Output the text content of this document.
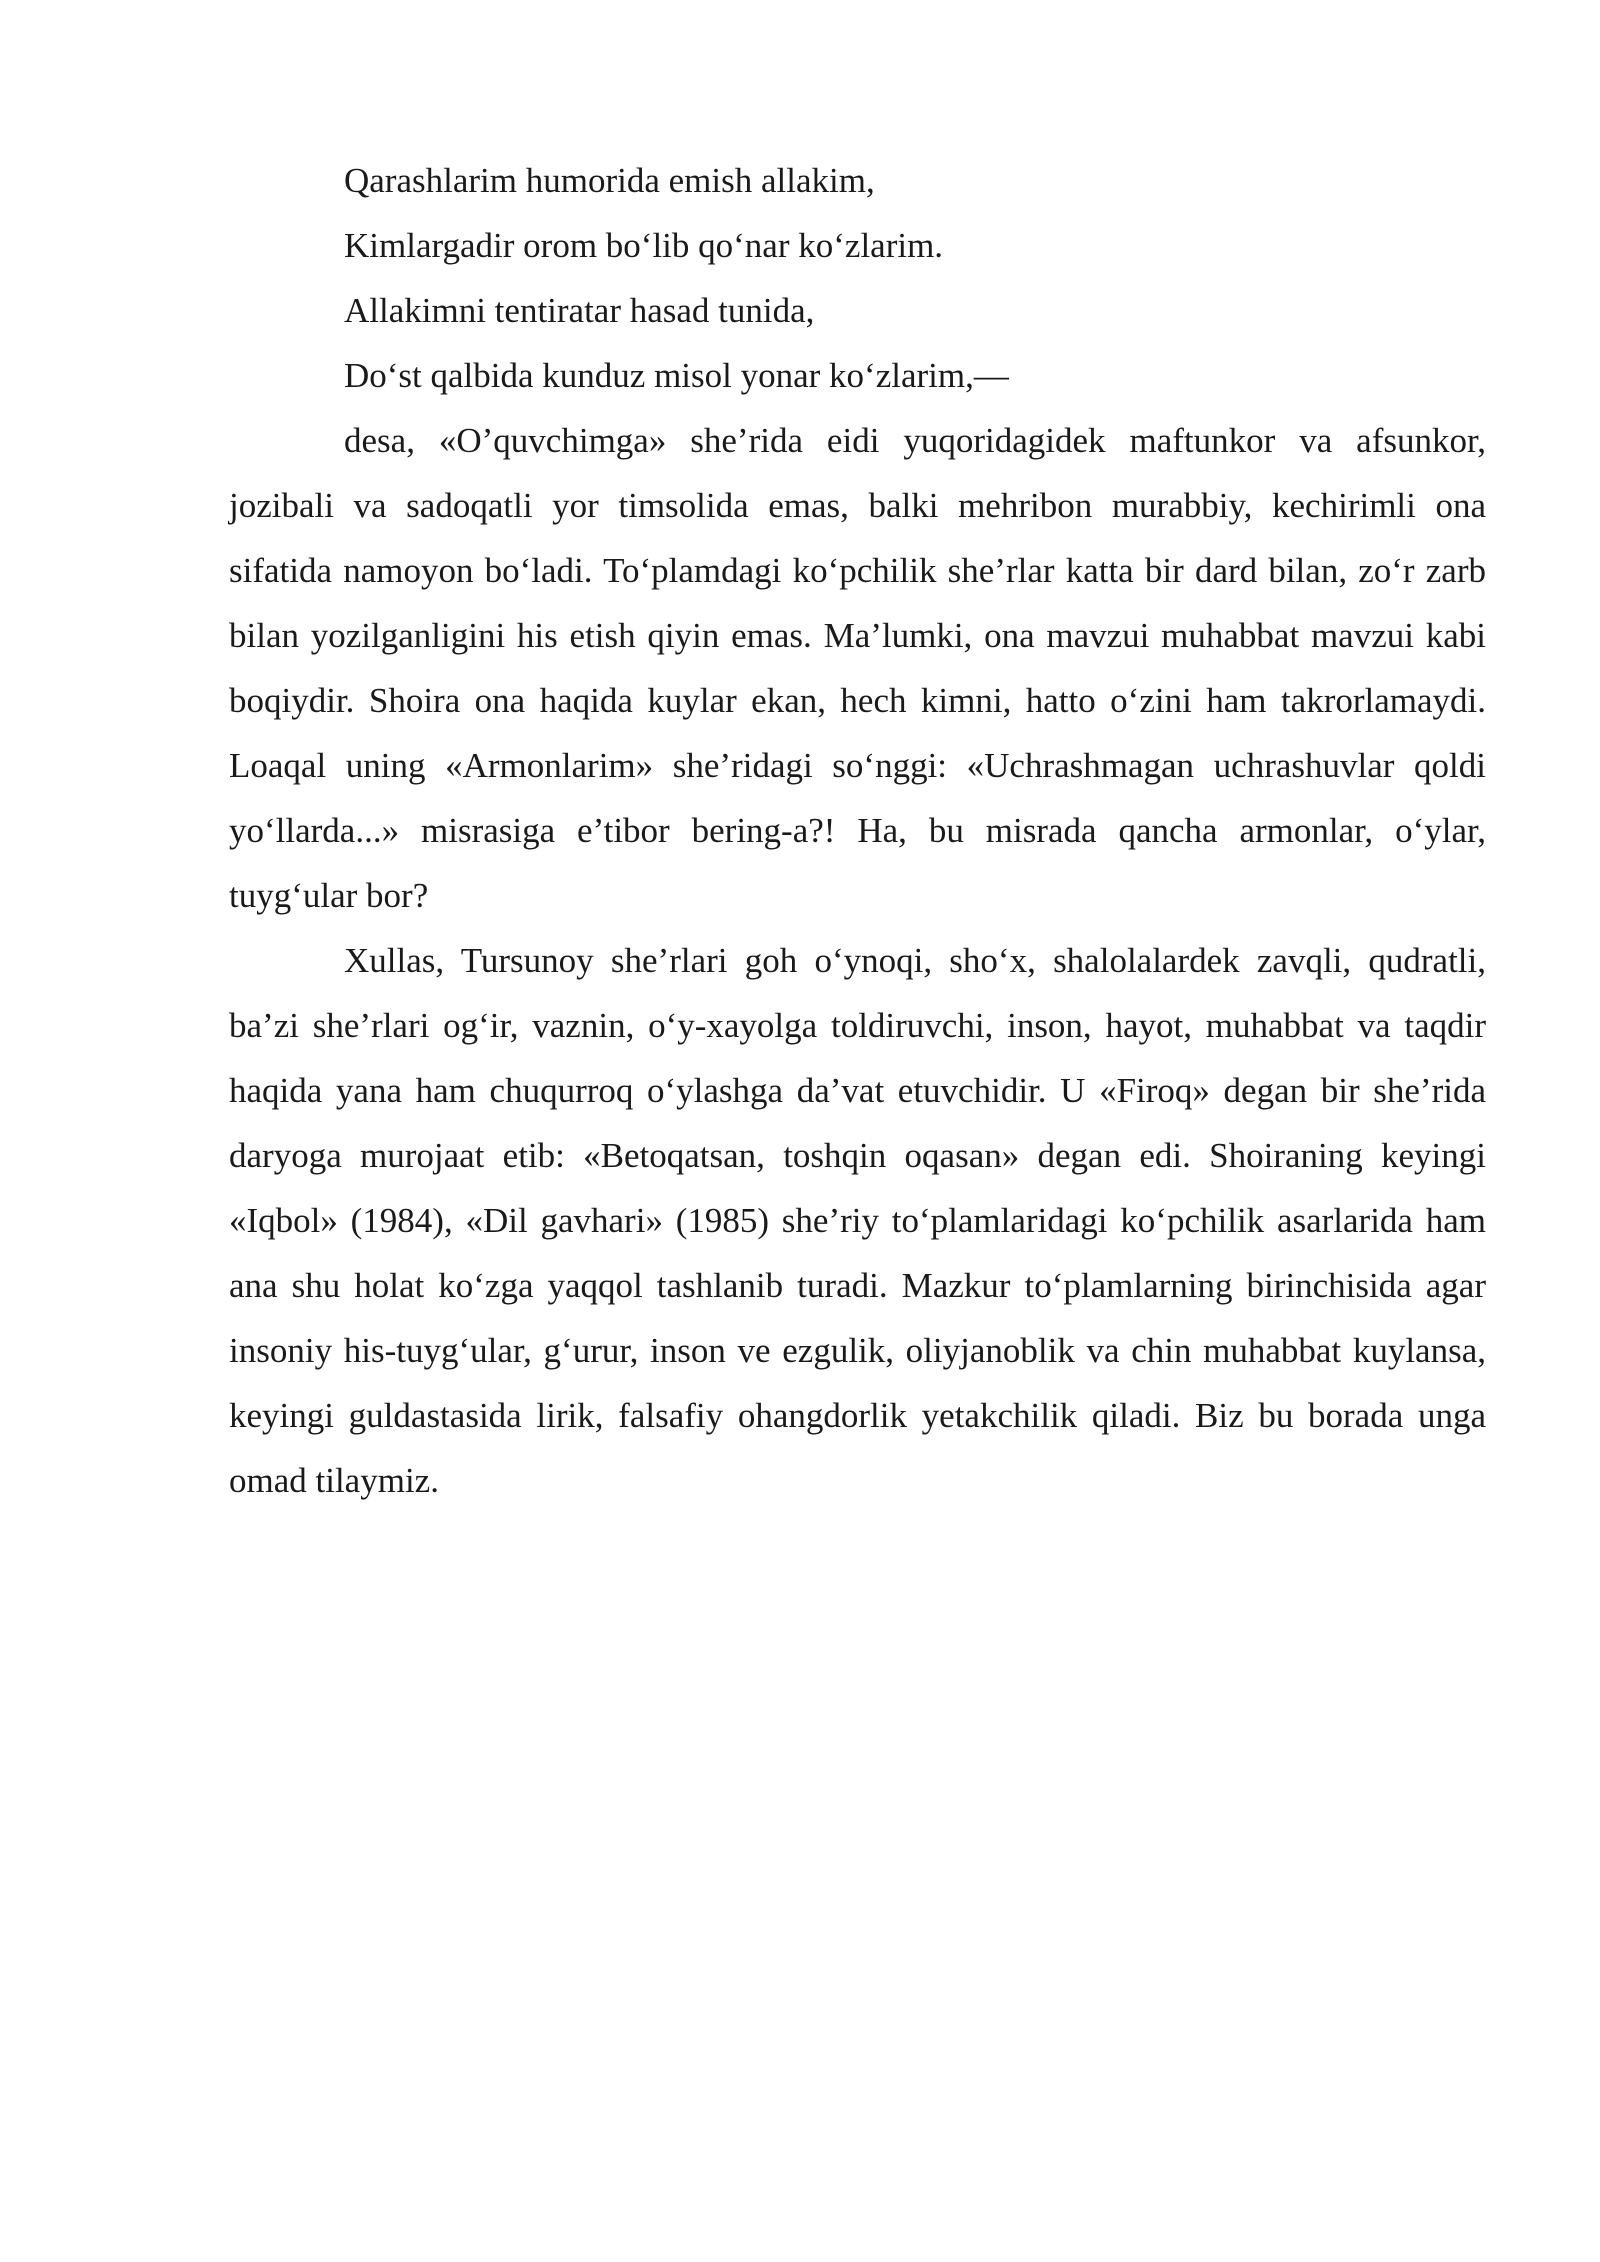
Qarashlarim humorida emish allakim,

Kimlargadir orom bo‘lib qo‘nar ko‘zlarim.

Allakimni tentiratar hasad tunida,

Do‘st qalbida kunduz misol yonar ko‘zlarim,—

desa, «O’quvchimga» she’rida eidi yuqoridagidek maftunkor va afsunkor, jozibali va sadoqatli yor timsolida emas, balki mehribon murabbiy, kechirimli ona sifatida namoyon bo‘ladi. To‘plamdagi ko‘pchilik she’rlar katta bir dard bilan, zo‘r zarb bilan yozilganligini his etish qiyin emas. Ma’lumki, ona mavzui muhabbat mavzui kabi boqiydir. Shoira ona haqida kuylar ekan, hech kimni, hatto o‘zini ham takrorlamaydi. Loaqal uning «Armonlarim» she’ridagi so‘nggi: «Uchrashmagan uchrashuvlar qoldi yo‘llarda...» misrasiga e’tibor bering-a?! Ha, bu misrada qancha armonlar, o‘ylar, tuyg‘ular bor?

Xullas, Tursunoy she’rlari goh o‘ynoqi, sho‘x, shalolalardek zavqli, qudratli, ba’zi she’rlari og‘ir, vaznin, o‘y-xayolga toldiruvchi, inson, hayot, muhabbat va taqdir haqida yana ham chuqurroq o‘ylashga da’vat etuvchidir. U «Firoq» degan bir she’rida daryoga murojaat etib: «Betoqatsan, toshqin oqasan» degan edi. Shoiraning keyingi «Iqbol» (1984), «Dil gavhari» (1985) she’riy to‘plamlaridagi ko‘pchilik asarlarida ham ana shu holat ko‘zga yaqqol tashlanib turadi. Mazkur to‘plamlarning birinchisida agar insoniy his-tuyg‘ular, g‘urur, inson ve ezgulik, oliyjanoblik va chin muhabbat kuylansa, keyingi guldastasida lirik, falsafiy ohangdorlik yetakchilik qiladi. Biz bu borada unga omad tilaymiz.
